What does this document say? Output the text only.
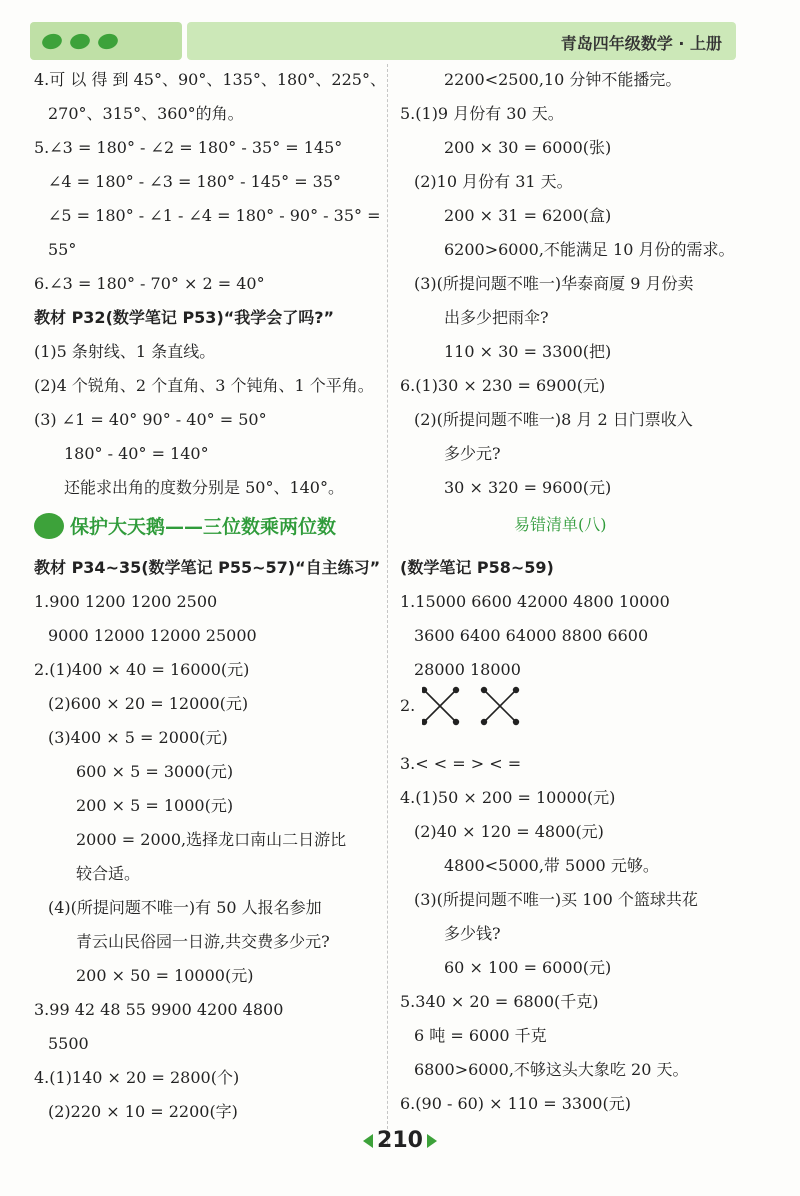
青岛四年级数学 · 上册
4.可 以 得 到 45°、90°、135°、180°、225°、
270°、315°、360°的角。
5.∠3 = 180° - ∠2 = 180° - 35° = 145°
∠4 = 180° - ∠3 = 180° - 145° = 35°
∠5 = 180° - ∠1 - ∠4 = 180° - 90° - 35° =
55°
6.∠3 = 180° - 70° × 2 = 40°
教材 P32(数学笔记 P53)“我学会了吗?”
(1)5 条射线、1 条直线。
(2)4 个锐角、2 个直角、3 个钝角、1 个平角。
(3) ∠1 = 40° 90° - 40° = 50°
180° - 40° = 140°
还能求出角的度数分别是 50°、140°。
保护大天鹅——三位数乘两位数
教材 P34~35(数学笔记 P55~57)“自主练习”
1.900 1200 1200 2500
9000 12000 12000 25000
2.(1)400 × 40 = 16000(元)
(2)600 × 20 = 12000(元)
(3)400 × 5 = 2000(元)
600 × 5 = 3000(元)
200 × 5 = 1000(元)
2000 = 2000,选择龙口南山二日游比
较合适。
(4)(所提问题不唯一)有 50 人报名参加
青云山民俗园一日游,共交费多少元?
200 × 50 = 10000(元)
3.99 42 48 55 9900 4200 4800
5500
4.(1)140 × 20 = 2800(个)
(2)220 × 10 = 2200(字)
2200<2500,10 分钟不能播完。
5.(1)9 月份有 30 天。
200 × 30 = 6000(张)
(2)10 月份有 31 天。
200 × 31 = 6200(盒)
6200>6000,不能满足 10 月份的需求。
(3)(所提问题不唯一)华泰商厦 9 月份卖
出多少把雨伞?
110 × 30 = 3300(把)
6.(1)30 × 230 = 6900(元)
(2)(所提问题不唯一)8 月 2 日门票收入
多少元?
30 × 320 = 9600(元)
易错清单(八)
(数学笔记 P58~59)
1.15000 6600 42000 4800 10000
3600 6400 64000 8800 6600
28000 18000
2.
3.< < = > < =
4.(1)50 × 200 = 10000(元)
(2)40 × 120 = 4800(元)
4800<5000,带 5000 元够。
(3)(所提问题不唯一)买 100 个篮球共花
多少钱?
60 × 100 = 6000(元)
5.340 × 20 = 6800(千克)
6 吨 = 6000 千克
6800>6000,不够这头大象吃 20 天。
6.(90 - 60) × 110 = 3300(元)
210
